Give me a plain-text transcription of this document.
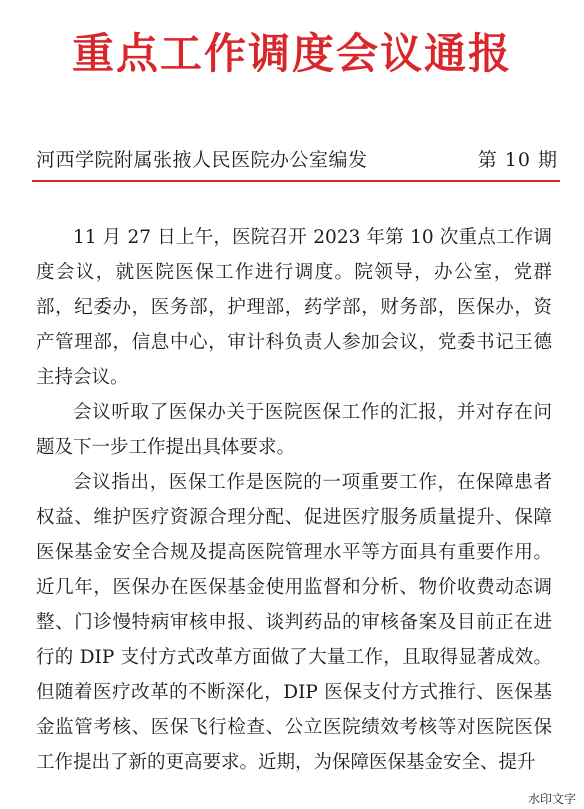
重点工作调度会议通报
河西学院附属张掖人民医院办公室编发	第 10 期

11 月 27 日上午，医院召开 2023 年第 10 次重点工作调度会议，就医院医保工作进行调度。院领导，办公室，党群部，纪委办，医务部，护理部，药学部，财务部，医保办，资产管理部，信息中心，审计科负责人参加会议，党委书记王德主持会议。

会议听取了医保办关于医院医保工作的汇报，并对存在问题及下一步工作提出具体要求。

会议指出，医保工作是医院的一项重要工作，在保障患者权益、维护医疗资源合理分配、促进医疗服务质量提升、保障医保基金安全合规及提高医院管理水平等方面具有重要作用。近几年，医保办在医保基金使用监督和分析、物价收费动态调整、门诊慢特病审核申报、谈判药品的审核备案及目前正在进行的 DIP 支付方式改革方面做了大量工作，且取得显著成效。但随着医疗改革的不断深化，DIP 医保支付方式推行、医保基金监管考核、医保飞行检查、公立医院绩效考核等对医院医保工作提出了新的更高要求。近期，为保障医保基金安全、提升

水印文字
